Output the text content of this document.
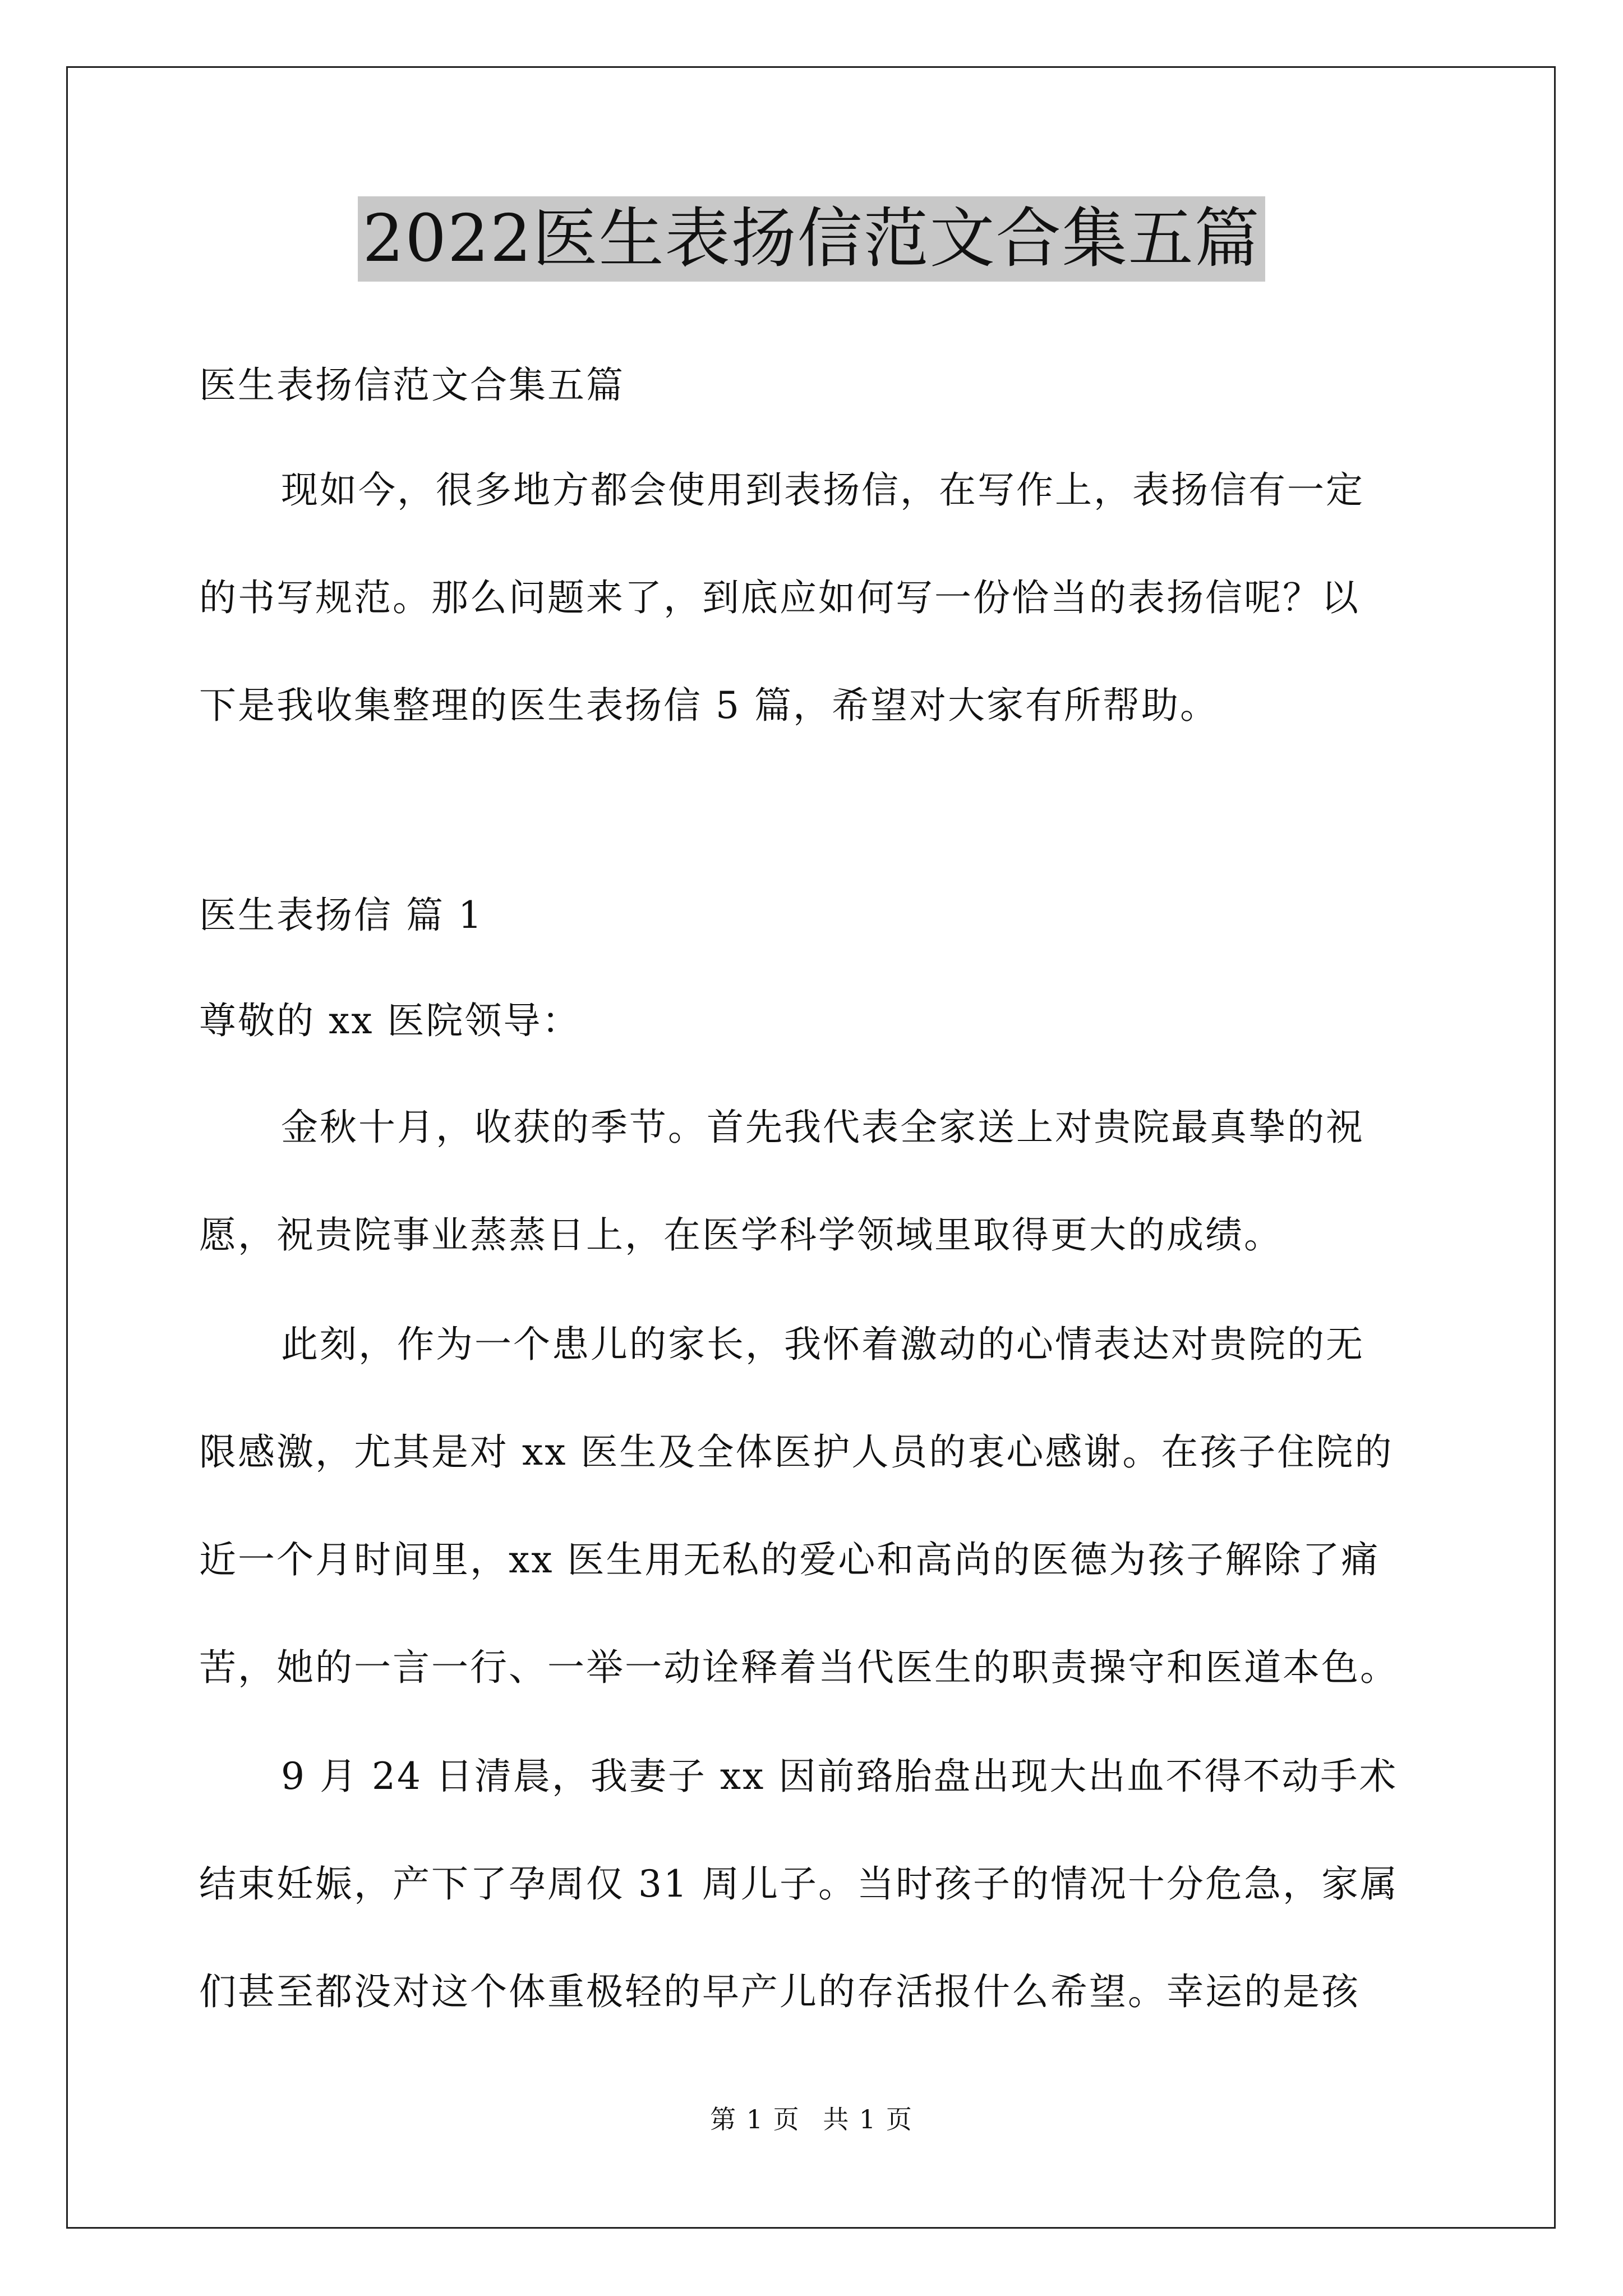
2022医生表扬信范文合集五篇
医生表扬信范文合集五篇
现如今，很多地方都会使用到表扬信，在写作上，表扬信有一定
的书写规范。那么问题来了，到底应如何写一份恰当的表扬信呢？以
下是我收集整理的医生表扬信 5 篇，希望对大家有所帮助。
医生表扬信 篇 1
尊敬的 xx 医院领导：
金秋十月，收获的季节。首先我代表全家送上对贵院最真挚的祝
愿，祝贵院事业蒸蒸日上，在医学科学领域里取得更大的成绩。
此刻，作为一个患儿的家长，我怀着激动的心情表达对贵院的无
限感激，尤其是对 xx 医生及全体医护人员的衷心感谢。在孩子住院的
近一个月时间里，xx 医生用无私的爱心和高尚的医德为孩子解除了痛
苦，她的一言一行、一举一动诠释着当代医生的职责操守和医道本色。
9 月 24 日清晨，我妻子 xx 因前臵胎盘出现大出血不得不动手术
结束妊娠，产下了孕周仅 31 周儿子。当时孩子的情况十分危急，家属
们甚至都没对这个体重极轻的早产儿的存活报什么希望。幸运的是孩
第 1 页 共 1 页
